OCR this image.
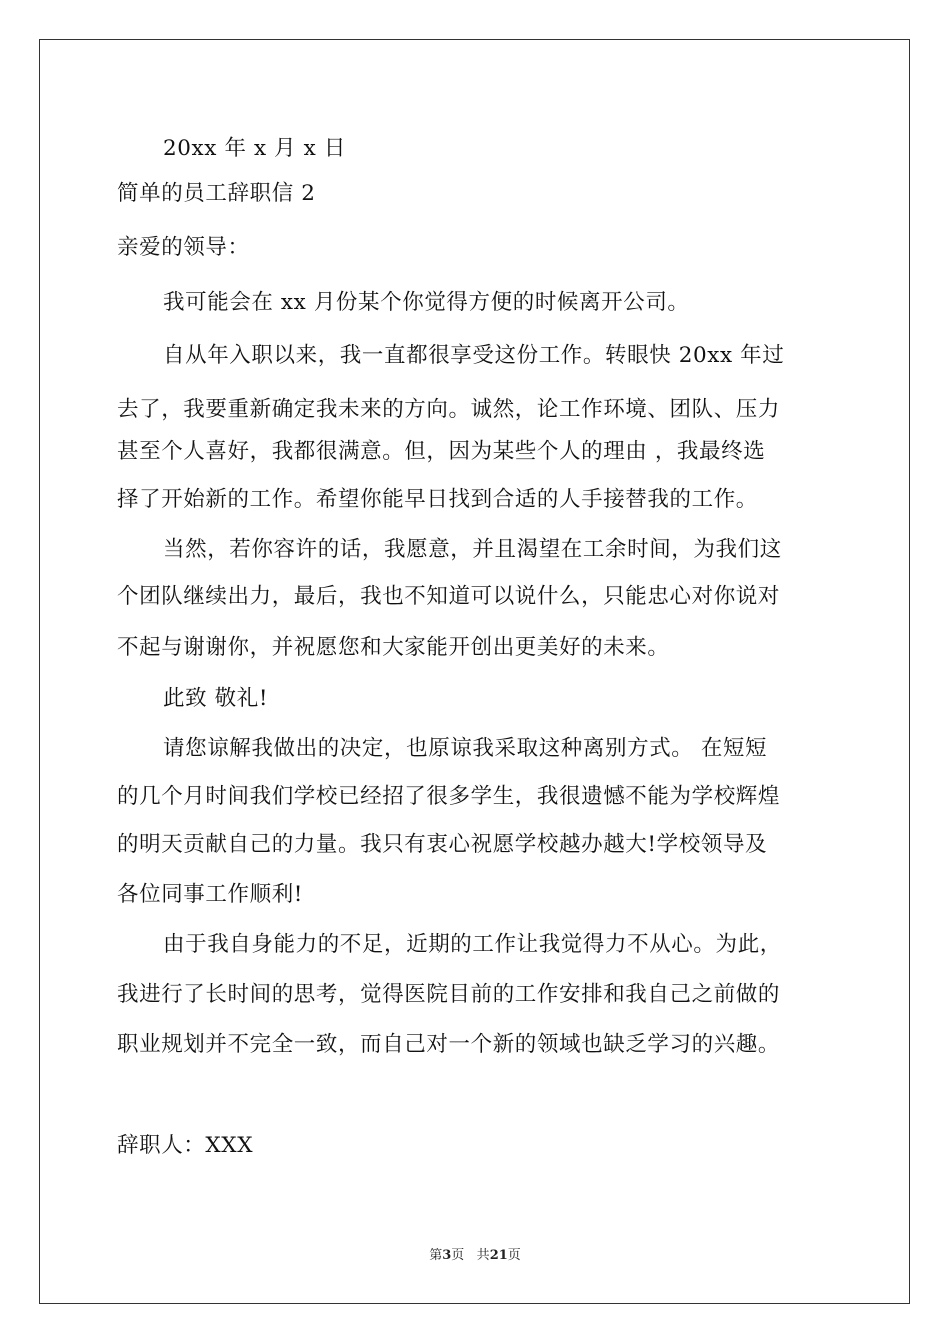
20xx 年 x 月 x 日
简单的员工辞职信 2
亲爱的领导：
我可能会在 xx 月份某个你觉得方便的时候离开公司。
自从年入职以来，我一直都很享受这份工作。转眼快 20xx 年过
去了，我要重新确定我未来的方向。诚然，论工作环境、团队、压力
甚至个人喜好，我都很满意。但，因为某些个人的理由 ，我最终选
择了开始新的工作。希望你能早日找到合适的人手接替我的工作。
当然，若你容许的话，我愿意，并且渴望在工余时间，为我们这
个团队继续出力，最后，我也不知道可以说什么，只能忠心对你说对
不起与谢谢你，并祝愿您和大家能开创出更美好的未来。
此致 敬礼!
请您谅解我做出的决定，也原谅我采取这种离别方式。 在短短
的几个月时间我们学校已经招了很多学生，我很遗憾不能为学校辉煌
的明天贡献自己的力量。我只有衷心祝愿学校越办越大!学校领导及
各位同事工作顺利!
由于我自身能力的不足，近期的工作让我觉得力不从心。为此，
我进行了长时间的思考，觉得医院目前的工作安排和我自己之前做的
职业规划并不完全一致，而自己对一个新的领域也缺乏学习的兴趣。
辞职人：XXX
第3页 共21页
